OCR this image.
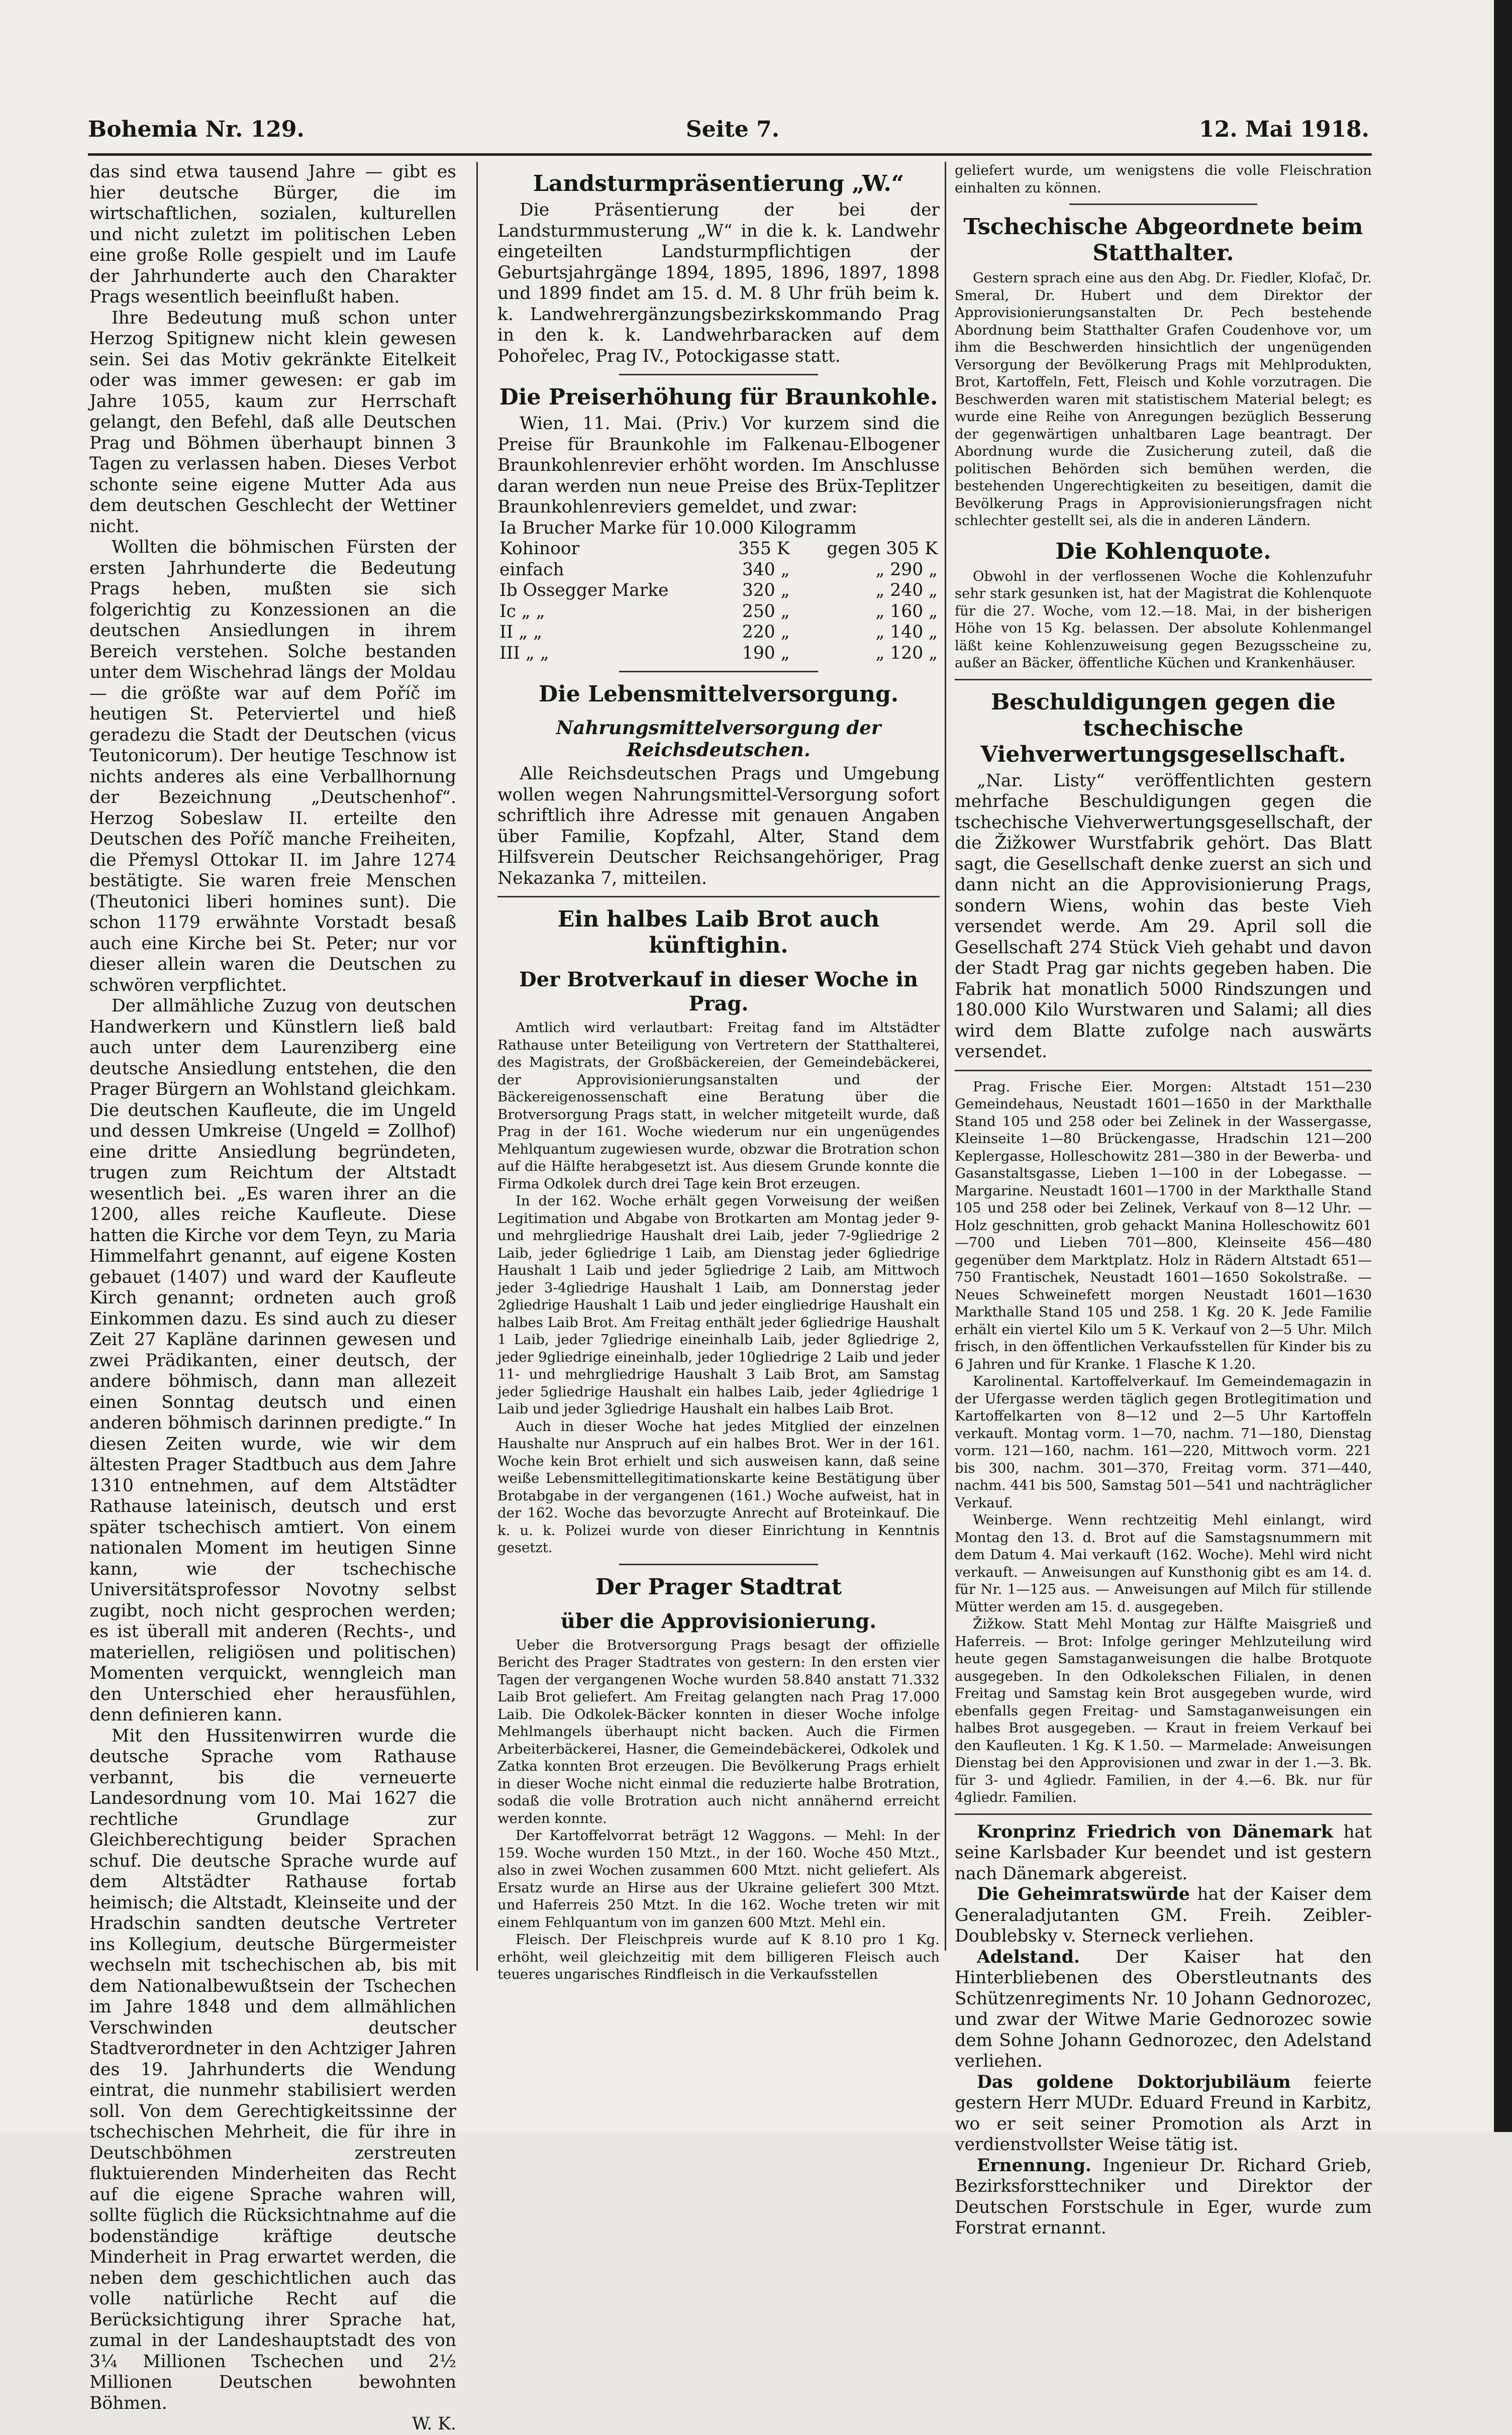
Bohemia Nr. 129.	Seite 7.	12. Mai 1918.

das sind etwa tausend Jahre — gibt es hier deutsche Bürger, die im wirtschaftlichen, sozialen, kulturellen und nicht zuletzt im politischen Leben eine große Rolle gespielt und im Laufe der Jahrhunderte auch den Charakter Prags wesentlich beeinflußt haben.

Ihre Bedeutung muß schon unter Herzog Spitignew nicht klein gewesen sein. Sei das Motiv gekränkte Eitelkeit oder was immer gewesen: er gab im Jahre 1055, kaum zur Herrschaft gelangt, den Befehl, daß alle Deutschen Prag und Böhmen überhaupt binnen 3 Tagen zu verlassen haben. Dieses Verbot schonte seine eigene Mutter Ada aus dem deutschen Geschlecht der Wettiner nicht.

Wollten die böhmischen Fürsten der ersten Jahrhunderte die Bedeutung Prags heben, mußten sie sich folgerichtig zu Konzessionen an die deutschen Ansiedlungen in ihrem Bereich verstehen. Solche bestanden unter dem Wischehrad längs der Moldau — die größte war auf dem Poříč im heutigen St. Peterviertel und hieß geradezu die Stadt der Deutschen (vicus Teutonicorum). Der heutige Teschnow ist nichts anderes als eine Verballhornung der Bezeichnung „Deutschenhof“. Herzog Sobeslaw II. erteilte den Deutschen des Poříč manche Freiheiten, die Přemysl Ottokar II. im Jahre 1274 bestätigte. Sie waren freie Menschen (Theutonici liberi homines sunt). Die schon 1179 erwähnte Vorstadt besaß auch eine Kirche bei St. Peter; nur vor dieser allein waren die Deutschen zu schwören verpflichtet.

Der allmähliche Zuzug von deutschen Handwerkern und Künstlern ließ bald auch unter dem Laurenziberg eine deutsche Ansiedlung entstehen, die den Prager Bürgern an Wohlstand gleichkam. Die deutschen Kaufleute, die im Ungeld und dessen Umkreise (Ungeld = Zollhof) eine dritte Ansiedlung begründeten, trugen zum Reichtum der Altstadt wesentlich bei. „Es waren ihrer an die 1200, alles reiche Kaufleute. Diese hatten die Kirche vor dem Teyn, zu Maria Himmelfahrt genannt, auf eigene Kosten gebauet (1407) und ward der Kaufleute Kirch genannt; ordneten auch groß Einkommen dazu. Es sind auch zu dieser Zeit 27 Kapläne darinnen gewesen und zwei Prädikanten, einer deutsch, der andere böhmisch, dann man allezeit einen Sonntag deutsch und einen anderen böhmisch darinnen predigte.“ In diesen Zeiten wurde, wie wir dem ältesten Prager Stadtbuch aus dem Jahre 1310 entnehmen, auf dem Altstädter Rathause lateinisch, deutsch und erst später tschechisch amtiert. Von einem nationalen Moment im heutigen Sinne kann, wie der tschechische Universitätsprofessor Novotny selbst zugibt, noch nicht gesprochen werden; es ist überall mit anderen (Rechts-, und materiellen, religiösen und politischen) Momenten verquickt, wenngleich man den Unterschied eher herausfühlen, denn definieren kann.

Mit den Hussitenwirren wurde die deutsche Sprache vom Rathause verbannt, bis die verneuerte Landesordnung vom 10. Mai 1627 die rechtliche Grundlage zur Gleichberechtigung beider Sprachen schuf. Die deutsche Sprache wurde auf dem Altstädter Rathause fortab heimisch; die Altstadt, Kleinseite und der Hradschin sandten deutsche Vertreter ins Kollegium, deutsche Bürgermeister wechseln mit tschechischen ab, bis mit dem Nationalbewußtsein der Tschechen im Jahre 1848 und dem allmählichen Verschwinden deutscher Stadtverordneter in den Achtziger Jahren des 19. Jahrhunderts die Wendung eintrat, die nunmehr stabilisiert werden soll. Von dem Gerechtigkeitssinne der tschechischen Mehrheit, die für ihre in Deutschböhmen zerstreuten fluktuierenden Minderheiten das Recht auf die eigene Sprache wahren will, sollte füglich die Rücksichtnahme auf die bodenständige kräftige deutsche Minderheit in Prag erwartet werden, die neben dem geschichtlichen auch das volle natürliche Recht auf die Berücksichtigung ihrer Sprache hat, zumal in der Landeshauptstadt des von 3¼ Millionen Tschechen und 2½ Millionen Deutschen bewohnten Böhmen.

W. K.

Landsturmpräsentierung „W.“

Die Präsentierung der bei der Landsturmmusterung „W“ in die k. k. Landwehr eingeteilten Landsturmpflichtigen der Geburtsjahrgänge 1894, 1895, 1896, 1897, 1898 und 1899 findet am 15. d. M. 8 Uhr früh beim k. k. Landwehrergänzungsbezirkskommando Prag in den k. k. Landwehrbaracken auf dem Pohořelec, Prag IV., Potockigasse statt.

Die Preiserhöhung für Braunkohle.

Wien, 11. Mai. (Priv.) Vor kurzem sind die Preise für Braunkohle im Falkenau-Elbogener Braunkohlenrevier erhöht worden. Im Anschlusse daran werden nun neue Preise des Brüx-Teplitzer Braunkohlenreviers gemeldet, und zwar:

Ia Brucher Marke für 10.000 Kilogramm		
Kohinoor	355 K	gegen 305 K
einfach	340 „	„ 290 „
Ib Ossegger Marke	320 „	„ 240 „
Ic „ „	250 „	„ 160 „
II „ „	220 „	„ 140 „
III „ „	190 „	„ 120 „

Die Lebensmittelversorgung.

Nahrungsmittelversorgung der Reichsdeutschen.

Alle Reichsdeutschen Prags und Umgebung wollen wegen Nahrungsmittel-Versorgung sofort schriftlich ihre Adresse mit genauen Angaben über Familie, Kopfzahl, Alter, Stand dem Hilfsverein Deutscher Reichsangehöriger, Prag Nekazanka 7, mitteilen.

Ein halbes Laib Brot auch künftighin.

Der Brotverkauf in dieser Woche in Prag.

Amtlich wird verlautbart: Freitag fand im Altstädter Rathause unter Beteiligung von Vertretern der Statthalterei, des Magistrats, der Großbäckereien, der Gemeindebäckerei, der Approvisionierungsanstalten und der Bäckereigenossenschaft eine Beratung über die Brotversorgung Prags statt, in welcher mitgeteilt wurde, daß Prag in der 161. Woche wiederum nur ein ungenügendes Mehlquantum zugewiesen wurde, obzwar die Brotration schon auf die Hälfte herabgesetzt ist. Aus diesem Grunde konnte die Firma Odkolek durch drei Tage kein Brot erzeugen.

In der 162. Woche erhält gegen Vorweisung der weißen Legitimation und Abgabe von Brotkarten am Montag jeder 9- und mehrgliedrige Haushalt drei Laib, jeder 7-9gliedrige 2 Laib, jeder 6gliedrige 1 Laib, am Dienstag jeder 6gliedrige Haushalt 1 Laib und jeder 5gliedrige 2 Laib, am Mittwoch jeder 3-4gliedrige Haushalt 1 Laib, am Donnerstag jeder 2gliedrige Haushalt 1 Laib und jeder eingliedrige Haushalt ein halbes Laib Brot. Am Freitag enthält jeder 6gliedrige Haushalt 1 Laib, jeder 7gliedrige eineinhalb Laib, jeder 8gliedrige 2, jeder 9gliedrige eineinhalb, jeder 10gliedrige 2 Laib und jeder 11- und mehrgliedrige Haushalt 3 Laib Brot, am Samstag jeder 5gliedrige Haushalt ein halbes Laib, jeder 4gliedrige 1 Laib und jeder 3gliedrige Haushalt ein halbes Laib Brot.

Auch in dieser Woche hat jedes Mitglied der einzelnen Haushalte nur Anspruch auf ein halbes Brot. Wer in der 161. Woche kein Brot erhielt und sich ausweisen kann, daß seine weiße Lebensmittellegitimationskarte keine Bestätigung über Brotabgabe in der vergangenen (161.) Woche aufweist, hat in der 162. Woche das bevorzugte Anrecht auf Broteinkauf. Die k. u. k. Polizei wurde von dieser Einrichtung in Kenntnis gesetzt.

Der Prager Stadtrat

über die Approvisionierung.

Ueber die Brotversorgung Prags besagt der offizielle Bericht des Prager Stadtrates von gestern: In den ersten vier Tagen der vergangenen Woche wurden 58.840 anstatt 71.332 Laib Brot geliefert. Am Freitag gelangten nach Prag 17.000 Laib. Die Odkolek-Bäcker konnten in dieser Woche infolge Mehlmangels überhaupt nicht backen. Auch die Firmen Arbeiterbäckerei, Hasner, die Gemeindebäckerei, Odkolek und Zatka konnten Brot erzeugen. Die Bevölkerung Prags erhielt in dieser Woche nicht einmal die reduzierte halbe Brotration, sodaß die volle Brotration auch nicht annähernd erreicht werden konnte.

Der Kartoffelvorrat beträgt 12 Waggons. — Mehl: In der 159. Woche wurden 150 Mtzt., in der 160. Woche 450 Mtzt., also in zwei Wochen zusammen 600 Mtzt. nicht geliefert. Als Ersatz wurde an Hirse aus der Ukraine geliefert 300 Mtzt. und Haferreis 250 Mtzt. In die 162. Woche treten wir mit einem Fehlquantum von im ganzen 600 Mtzt. Mehl ein.

Fleisch. Der Fleischpreis wurde auf K 8.10 pro 1 Kg. erhöht, weil gleichzeitig mit dem billigeren Fleisch auch teueres ungarisches Rindfleisch in die Verkaufsstellen

geliefert wurde, um wenigstens die volle Fleischration einhalten zu können.

Tschechische Abgeordnete beim Statthalter.

Gestern sprach eine aus den Abg. Dr. Fiedler, Klofač, Dr. Smeral, Dr. Hubert und dem Direktor der Approvisionierungsanstalten Dr. Pech bestehende Abordnung beim Statthalter Grafen Coudenhove vor, um ihm die Beschwerden hinsichtlich der ungenügenden Versorgung der Bevölkerung Prags mit Mehlprodukten, Brot, Kartoffeln, Fett, Fleisch und Kohle vorzutragen. Die Beschwerden waren mit statistischem Material belegt; es wurde eine Reihe von Anregungen bezüglich Besserung der gegenwärtigen unhaltbaren Lage beantragt. Der Abordnung wurde die Zusicherung zuteil, daß die politischen Behörden sich bemühen werden, die bestehenden Ungerechtigkeiten zu beseitigen, damit die Bevölkerung Prags in Approvisionierungsfragen nicht schlechter gestellt sei, als die in anderen Ländern.

Die Kohlenquote.

Obwohl in der verflossenen Woche die Kohlenzufuhr sehr stark gesunken ist, hat der Magistrat die Kohlenquote für die 27. Woche, vom 12.—18. Mai, in der bisherigen Höhe von 15 Kg. belassen. Der absolute Kohlenmangel läßt keine Kohlenzuweisung gegen Bezugsscheine zu, außer an Bäcker, öffentliche Küchen und Krankenhäuser.

Beschuldigungen gegen die tschechische Viehverwertungsgesellschaft.

„Nar. Listy“ veröffentlichten gestern mehrfache Beschuldigungen gegen die tschechische Viehverwertungsgesellschaft, der die Žižkower Wurstfabrik gehört. Das Blatt sagt, die Gesellschaft denke zuerst an sich und dann nicht an die Approvisionierung Prags, sondern Wiens, wohin das beste Vieh versendet werde. Am 29. April soll die Gesellschaft 274 Stück Vieh gehabt und davon der Stadt Prag gar nichts gegeben haben. Die Fabrik hat monatlich 5000 Rindszungen und 180.000 Kilo Wurstwaren und Salami; all dies wird dem Blatte zufolge nach auswärts versendet.

Prag. Frische Eier. Morgen: Altstadt 151—230 Gemeindehaus, Neustadt 1601—1650 in der Markthalle Stand 105 und 258 oder bei Zelinek in der Wassergasse, Kleinseite 1—80 Brückengasse, Hradschin 121—200 Keplergasse, Holleschowitz 281—380 in der Bewerba- und Gasanstaltsgasse, Lieben 1—100 in der Lobegasse. — Margarine. Neustadt 1601—1700 in der Markthalle Stand 105 und 258 oder bei Zelinek, Verkauf von 8—12 Uhr. — Holz geschnitten, grob gehackt Manina Holleschowitz 601—700 und Lieben 701—800, Kleinseite 456—480 gegenüber dem Marktplatz. Holz in Rädern Altstadt 651—750 Frantischek, Neustadt 1601—1650 Sokolstraße. — Neues Schweinefett morgen Neustadt 1601—1630 Markthalle Stand 105 und 258. 1 Kg. 20 K. Jede Familie erhält ein viertel Kilo um 5 K. Verkauf von 2—5 Uhr. Milch frisch, in den öffentlichen Verkaufsstellen für Kinder bis zu 6 Jahren und für Kranke. 1 Flasche K 1.20.

Karolinental. Kartoffelverkauf. Im Gemeindemagazin in der Ufergasse werden täglich gegen Brotlegitimation und Kartoffelkarten von 8—12 und 2—5 Uhr Kartoffeln verkauft. Montag vorm. 1—70, nachm. 71—180, Dienstag vorm. 121—160, nachm. 161—220, Mittwoch vorm. 221 bis 300, nachm. 301—370, Freitag vorm. 371—440, nachm. 441 bis 500, Samstag 501—541 und nachträglicher Verkauf.

Weinberge. Wenn rechtzeitig Mehl einlangt, wird Montag den 13. d. Brot auf die Samstagsnummern mit dem Datum 4. Mai verkauft (162. Woche). Mehl wird nicht verkauft. — Anweisungen auf Kunsthonig gibt es am 14. d. für Nr. 1—125 aus. — Anweisungen auf Milch für stillende Mütter werden am 15. d. ausgegeben.

Žižkow. Statt Mehl Montag zur Hälfte Maisgrieß und Haferreis. — Brot: Infolge geringer Mehlzuteilung wird heute gegen Samstaganweisungen die halbe Brotquote ausgegeben. In den Odkolekschen Filialen, in denen Freitag und Samstag kein Brot ausgegeben wurde, wird ebenfalls gegen Freitag- und Samstaganweisungen ein halbes Brot ausgegeben. — Kraut in freiem Verkauf bei den Kaufleuten. 1 Kg. K 1.50. — Marmelade: Anweisungen Dienstag bei den Approvisionen und zwar in der 1.—3. Bk. für 3- und 4gliedr. Familien, in der 4.—6. Bk. nur für 4gliedr. Familien.

Kronprinz Friedrich von Dänemark hat seine Karlsbader Kur beendet und ist gestern nach Dänemark abgereist.

Die Geheimratswürde hat der Kaiser dem Generaladjutanten GM. Freih. Zeibler-Doublebsky v. Sterneck verliehen.

Adelstand. Der Kaiser hat den Hinterbliebenen des Oberstleutnants des Schützenregiments Nr. 10 Johann Gednorozec, und zwar der Witwe Marie Gednorozec sowie dem Sohne Johann Gednorozec, den Adelstand verliehen.

Das goldene Doktorjubiläum feierte gestern Herr MUDr. Eduard Freund in Karbitz, wo er seit seiner Promotion als Arzt in verdienstvollster Weise tätig ist.

Ernennung. Ingenieur Dr. Richard Grieb, Bezirksforsttechniker und Direktor der Deutschen Forstschule in Eger, wurde zum Forstrat ernannt.
